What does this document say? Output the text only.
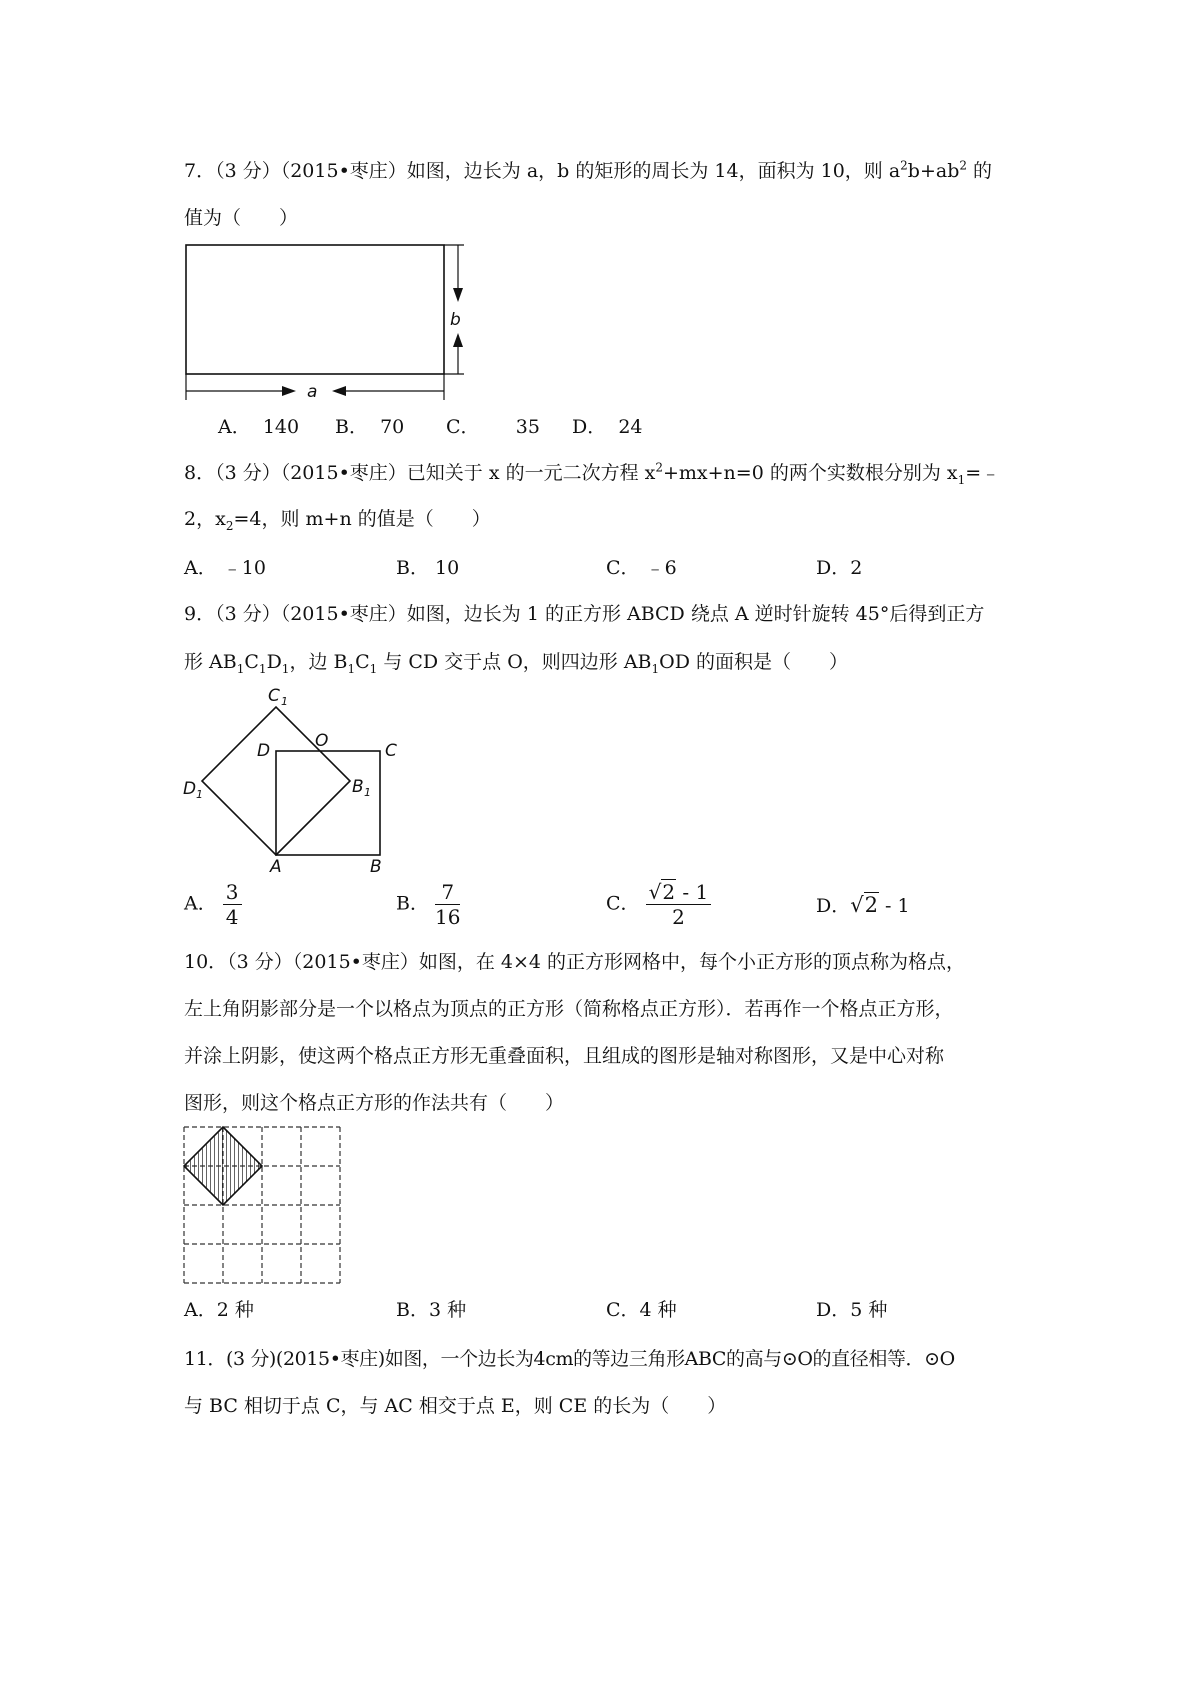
7．（3 分）（2015•枣庄）如图，边长为 a，b 的矩形的周长为 14，面积为 10，则 $a^2b+ab^2$ 的
值为（　　）
b
a
A． 140 B． 70 C． 35 D． 24
8．（3 分）（2015•枣庄）已知关于 x 的一元二次方程 $x^2+mx+n=0$ 的两个实数根分别为 $x_1=﹣$
2，$x_2=4$，则 m+n 的值是（　　）
A． ﹣10	B． 10	C． ﹣6	D．2
9．（3 分）（2015•枣庄）如图，边长为 1 的正方形 ABCD 绕点 A 逆时针旋转 45°后得到正方
形 $AB_1C_1D_1$，边 $B_1C_1$ 与 CD 交于点 O，则四边形 $AB_1OD$ 的面积是（　　）
A	B
C
D	O
C 1
B 1
D 1
A． $\frac{3}{4}$	B． $\frac{7}{16}$	C． $\frac{√2 - 1}{2}$	D．√2 - 1
10．（3 分）（2015•枣庄）如图，在 4×4 的正方形网格中，每个小正方形的顶点称为格点，
左上角阴影部分是一个以格点为顶点的正方形（简称格点正方形）．若再作一个格点正方形，
并涂上阴影，使这两个格点正方形无重叠面积，且组成的图形是轴对称图形，又是中心对称
图形，则这个格点正方形的作法共有（　　）
A．2 种	B．3 种	C．4 种	D．5 种
11．(3 分)(2015•枣庄)如图，一个边长为4cm的等边三角形ABC的高与⊙O的直径相等．⊙O
与 BC 相切于点 C，与 AC 相交于点 E，则 CE 的长为（　　）
